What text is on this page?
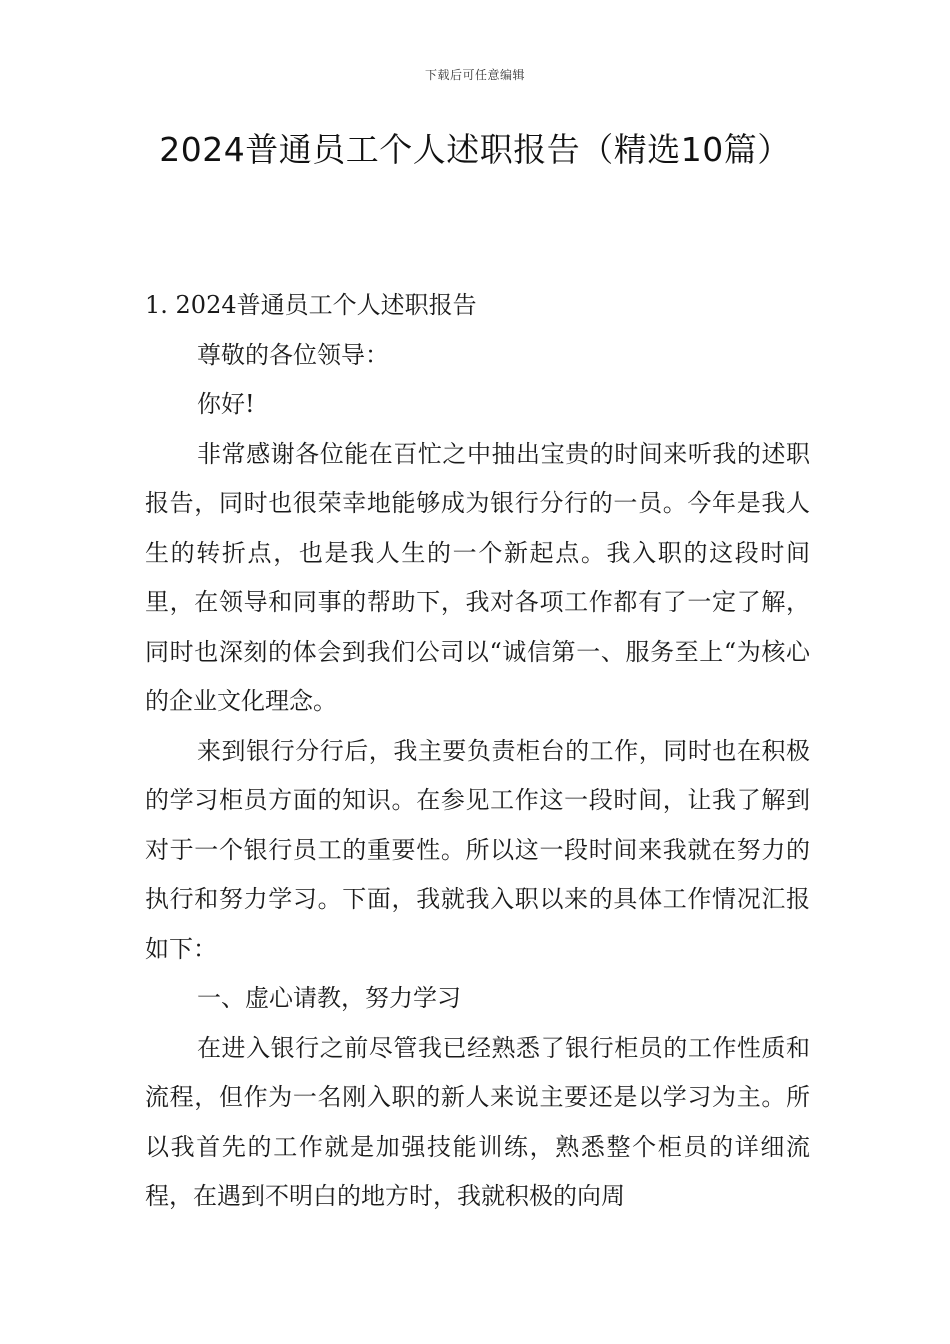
下载后可任意编辑
2024普通员工个人述职报告（精选10篇）

1. 2024普通员工个人述职报告

尊敬的各位领导：

你好!

非常感谢各位能在百忙之中抽出宝贵的时间来听我的述职报告，同时也很荣幸地能够成为银行分行的一员。今年是我人生的转折点，也是我人生的一个新起点。我入职的这段时间里，在领导和同事的帮助下，我对各项工作都有了一定了解，同时也深刻的体会到我们公司以“诚信第一、服务至上“为核心的企业文化理念。

来到银行分行后，我主要负责柜台的工作，同时也在积极的学习柜员方面的知识。在参见工作这一段时间，让我了解到对于一个银行员工的重要性。所以这一段时间来我就在努力的执行和努力学习。下面，我就我入职以来的具体工作情况汇报如下：

一、虚心请教，努力学习

在进入银行之前尽管我已经熟悉了银行柜员的工作性质和流程，但作为一名刚入职的新人来说主要还是以学习为主。所以我首先的工作就是加强技能训练，熟悉整个柜员的详细流程，在遇到不明白的地方时，我就积极的向周
